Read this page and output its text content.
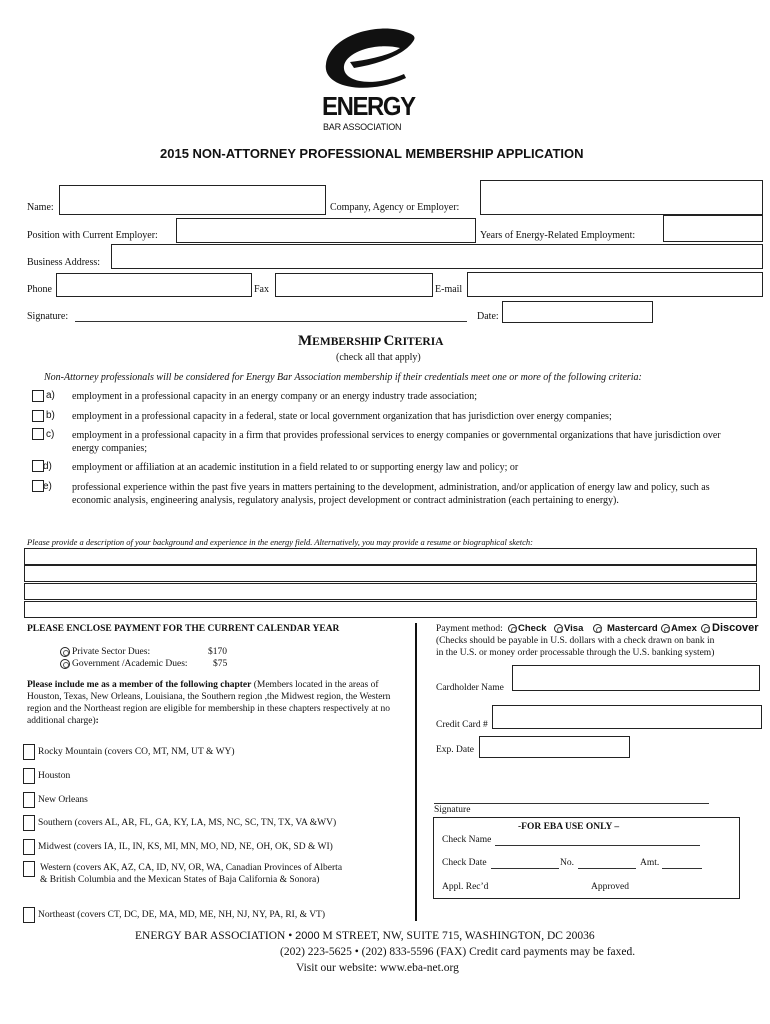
ENERGY
BAR ASSOCIATION
2015 NON-ATTORNEY PROFESSIONAL MEMBERSHIP APPLICATION
Name:	Company, Agency or Employer:
Position with Current Employer:	Years of Energy-Related Employment:
Business Address:
Phone	Fax	E-mail
Signature:	Date:
MEMBERSHIP CRITERIA
(check all that apply)
Non-Attorney professionals will be considered for Energy Bar Association membership if their credentials meet one or more of the following criteria:
a) employment in a professional capacity in an energy company or an energy industry trade association;
b) employment in a professional capacity in a federal, state or local government organization that has jurisdiction over energy companies;
c) employment in a professional capacity in a firm that provides professional services to energy companies or governmental organizations that have jurisdiction over energy companies;
d) employment or affiliation at an academic institution in a field related to or supporting energy law and policy; or
e) professional experience within the past five years in matters pertaining to the development, administration, and/or application of energy law and policy, such as economic analysis, engineering analysis, regulatory analysis, project development or contract administration (each pertaining to energy).
Please provide a description of your background and experience in the energy field. Alternatively, you may provide a resume or biographical sketch:
PLEASE ENCLOSE PAYMENT FOR THE CURRENT CALENDAR YEAR
Private Sector Dues:	$170
Government /Academic Dues:	$75
Please include me as a member of the following chapter (Members located in the areas of Houston, Texas, New Orleans, Louisiana, the Southern region ,the Midwest region, the Western region and the Northeast region are eligible for membership in these chapters respectively at no additional charge):
Rocky Mountain (covers CO, MT, NM, UT & WY)
Houston
New Orleans
Southern (covers AL, AR, FL, GA, KY, LA, MS, NC, SC, TN, TX, VA &WV)
Midwest (covers IA, IL, IN, KS, MI, MN, MO, ND, NE, OH, OK, SD & WI)
Western (covers AK, AZ, CA, ID, NV, OR, WA, Canadian Provinces of Alberta & British Columbia and the Mexican States of Baja California & Sonora)
Northeast (covers CT, DC, DE, MA, MD, ME, NH, NJ, NY, PA, RI, & VT)
Payment method: Check Visa Mastercard Amex Discover
(Checks should be payable in U.S. dollars with a check drawn on bank in
in the U.S. or money order processable through the U.S. banking system)
Cardholder Name
Credit Card #
Exp. Date
Signature
-FOR EBA USE ONLY –
Check Name
Check Date	No.	Amt.
Appl. Rec’d	Approved
ENERGY BAR ASSOCIATION • 2000 M STREET, NW, SUITE 715, WASHINGTON, DC 20036
(202) 223-5625 • (202) 833-5596 (FAX) Credit card payments may be faxed.
Visit our website: www.eba-net.org
